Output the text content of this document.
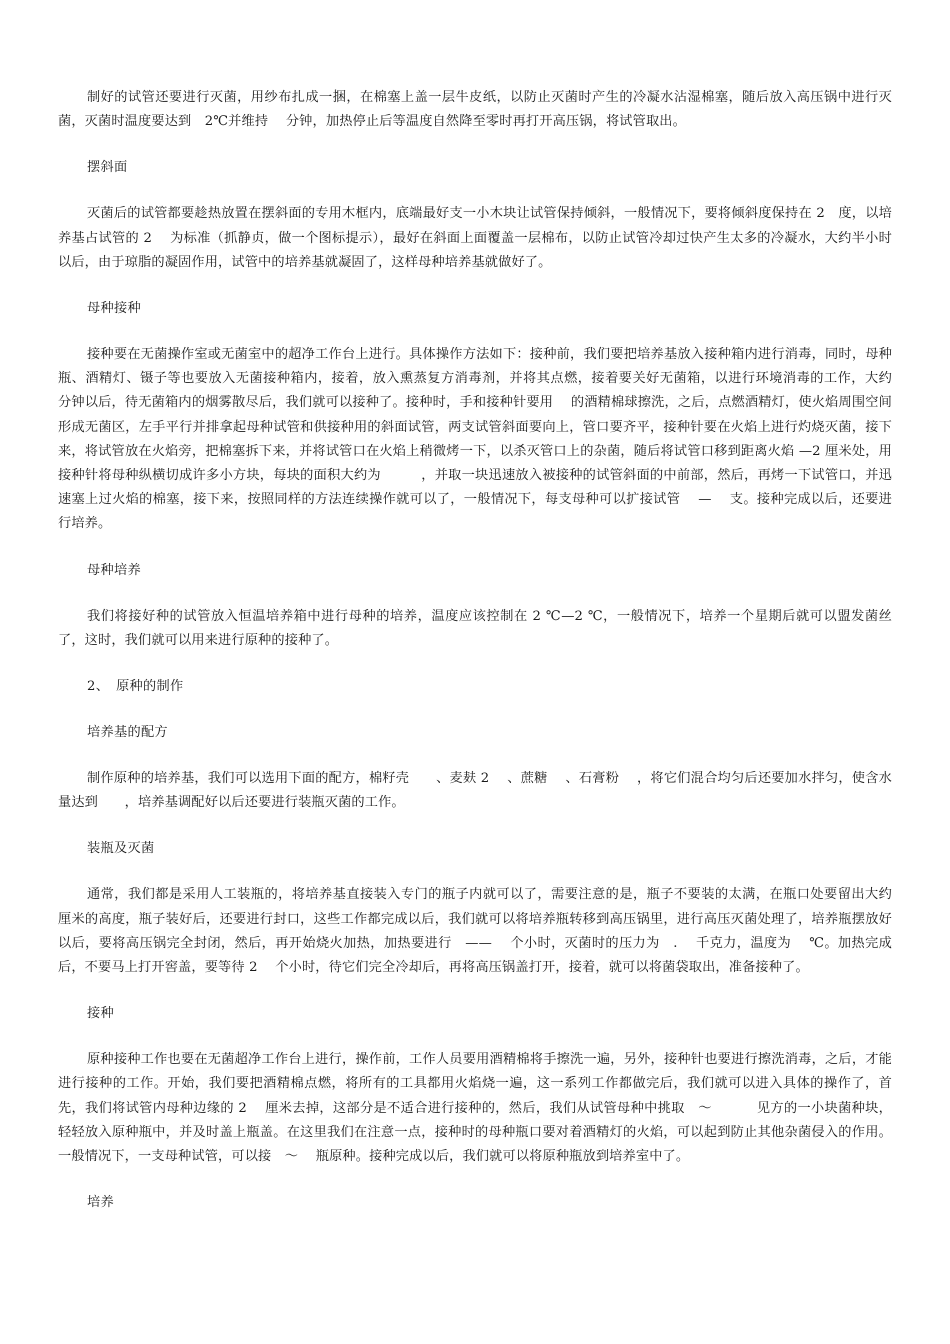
制好的试管还要进行灭菌，用纱布扎成一捆，在棉塞上盖一层牛皮纸，以防止灭菌时产生的冷凝水沾湿棉塞，随后放入高压锅中进行灭菌，灭菌时温度要达到　2℃并维持　 分钟，加热停止后等温度自然降至零时再打开高压锅，将试管取出。

摆斜面

灭菌后的试管都要趁热放置在摆斜面的专用木框内，底端最好支一小木块让试管保持倾斜，一般情况下，要将倾斜度保持在 2　度，以培养基占试管的 2　 为标准（抓静贞，做一个图标提示），最好在斜面上面覆盖一层棉布，以防止试管冷却过快产生太多的冷凝水，大约半小时以后，由于琼脂的凝固作用，试管中的培养基就凝固了，这样母种培养基就做好了。

母种接种

接种要在无菌操作室或无菌室中的超净工作台上进行。具体操作方法如下：接种前，我们要把培养基放入接种箱内进行消毒，同时，母种瓶、酒精灯、镊子等也要放入无菌接种箱内，接着，放入熏蒸复方消毒剂，并将其点燃，接着要关好无菌箱，以进行环境消毒的工作，大约　 分钟以后，待无菌箱内的烟雾散尽后，我们就可以接种了。接种时，手和接种针要用　 的酒精棉球擦洗，之后，点燃酒精灯，使火焰周围空间形成无菌区，左手平行并排拿起母种试管和供接种用的斜面试管，两支试管斜面要向上，管口要齐平，接种针要在火焰上进行灼烧灭菌，接下来，将试管放在火焰旁，把棉塞拆下来，并将试管口在火焰上稍微烤一下，以杀灭管口上的杂菌，随后将试管口移到距离火焰 —2 厘米处，用接种针将母种纵横切成许多小方块，每块的面积大约为　　　，并取一块迅速放入被接种的试管斜面的中前部，然后，再烤一下试管口，并迅速塞上过火焰的棉塞，接下来，按照同样的方法连续操作就可以了，一般情况下，每支母种可以扩接试管　 —　 支。接种完成以后，还要进行培养。

母种培养

我们将接好种的试管放入恒温培养箱中进行母种的培养，温度应该控制在 2 ℃—2 ℃，一般情况下，培养一个星期后就可以盟发菌丝了，这时，我们就可以用来进行原种的接种了。

2、　原种的制作

培养基的配方

制作原种的培养基，我们可以选用下面的配方，棉籽壳　　、麦麸 2　 、蔗糖　 、石膏粉　 ，将它们混合均匀后还要加水拌匀，使含水量达到　　，培养基调配好以后还要进行装瓶灭菌的工作。

装瓶及灭菌

通常，我们都是采用人工装瓶的，将培养基直接装入专门的瓶子内就可以了，需要注意的是，瓶子不要装的太满，在瓶口处要留出大约　厘米的高度，瓶子装好后，还要进行封口，这些工作都完成以后，我们就可以将培养瓶转移到高压锅里，进行高压灭菌处理了，培养瓶摆放好以后，要将高压锅完全封闭，然后，再开始烧火加热，加热要进行　——　 个小时，灭菌时的压力为　.　 千克力，温度为　 ℃。加热完成后，不要马上打开窖盖，要等待 2　 个小时，待它们完全冷却后，再将高压锅盖打开，接着，就可以将菌袋取出，准备接种了。

接种

原种接种工作也要在无菌超净工作台上进行，操作前，工作人员要用酒精棉将手擦洗一遍，另外，接种针也要进行擦洗消毒，之后，才能进行接种的工作。开始，我们要把酒精棉点燃，将所有的工具都用火焰烧一遍，这一系列工作都做完后，我们就可以进入具体的操作了，首先，我们将试管内母种边缘的 2　 厘米去掉，这部分是不适合进行接种的，然后，我们从试管母种中挑取　～　　　 见方的一小块菌种块，轻轻放入原种瓶中，并及时盖上瓶盖。在这里我们在注意一点，接种时的母种瓶口要对着酒精灯的火焰，可以起到防止其他杂菌侵入的作用。一般情况下，一支母种试管，可以接　～　 瓶原种。接种完成以后，我们就可以将原种瓶放到培养室中了。

培养
